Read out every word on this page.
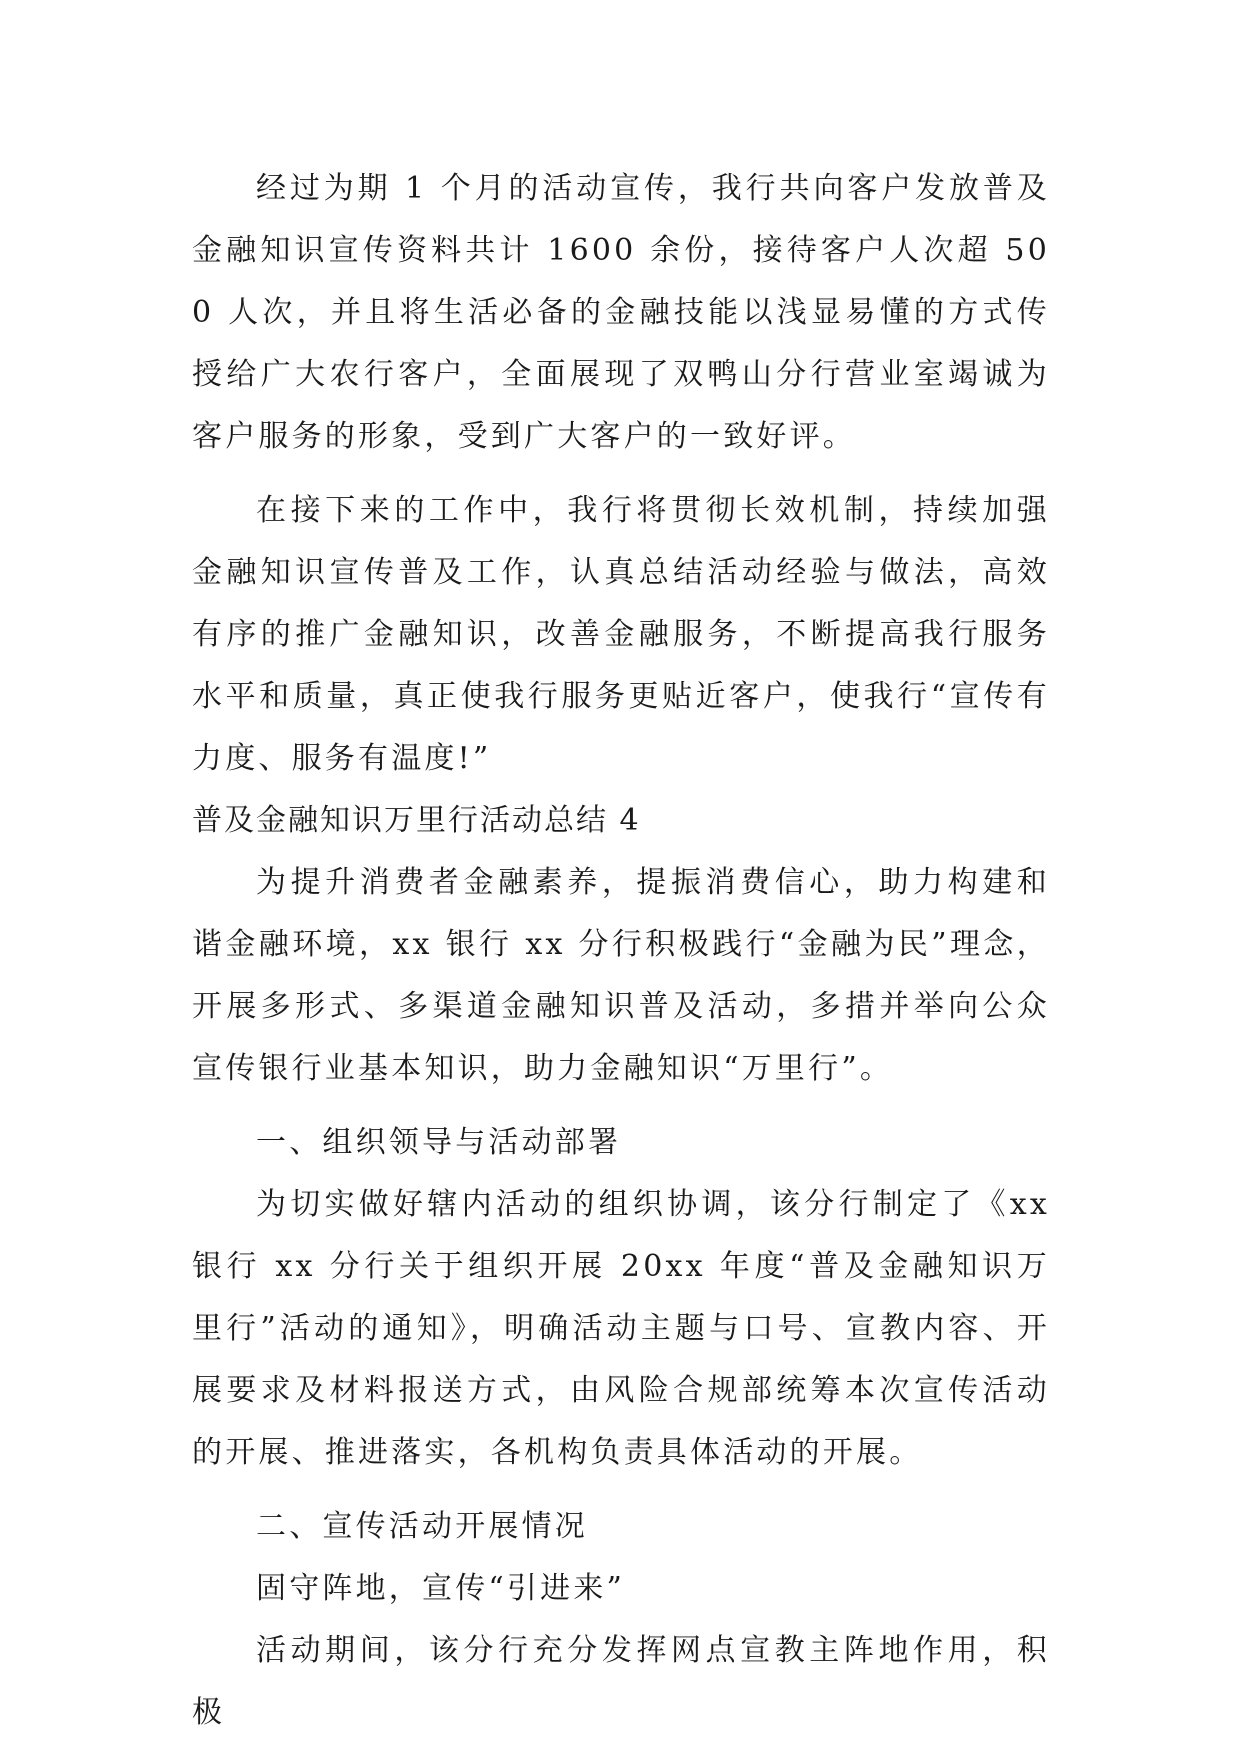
经过为期 1 个月的活动宣传，我行共向客户发放普及金融知识宣传资料共计 1600 余份，接待客户人次超 500 人次，并且将生活必备的金融技能以浅显易懂的方式传授给广大农行客户，全面展现了双鸭山分行营业室竭诚为客户服务的形象，受到广大客户的一致好评。

在接下来的工作中，我行将贯彻长效机制，持续加强金融知识宣传普及工作，认真总结活动经验与做法，高效有序的推广金融知识，改善金融服务，不断提高我行服务水平和质量，真正使我行服务更贴近客户，使我行“宣传有力度、服务有温度!”

普及金融知识万里行活动总结 4

为提升消费者金融素养，提振消费信心，助力构建和谐金融环境，xx 银行 xx 分行积极践行“金融为民”理念，开展多形式、多渠道金融知识普及活动，多措并举向公众宣传银行业基本知识，助力金融知识“万里行”。

一、组织领导与活动部署

为切实做好辖内活动的组织协调，该分行制定了《xx 银行 xx 分行关于组织开展 20xx 年度“普及金融知识万里行”活动的通知》，明确活动主题与口号、宣教内容、开展要求及材料报送方式，由风险合规部统筹本次宣传活动的开展、推进落实，各机构负责具体活动的开展。

二、宣传活动开展情况

固守阵地，宣传“引进来”

活动期间，该分行充分发挥网点宣教主阵地作用，积极
